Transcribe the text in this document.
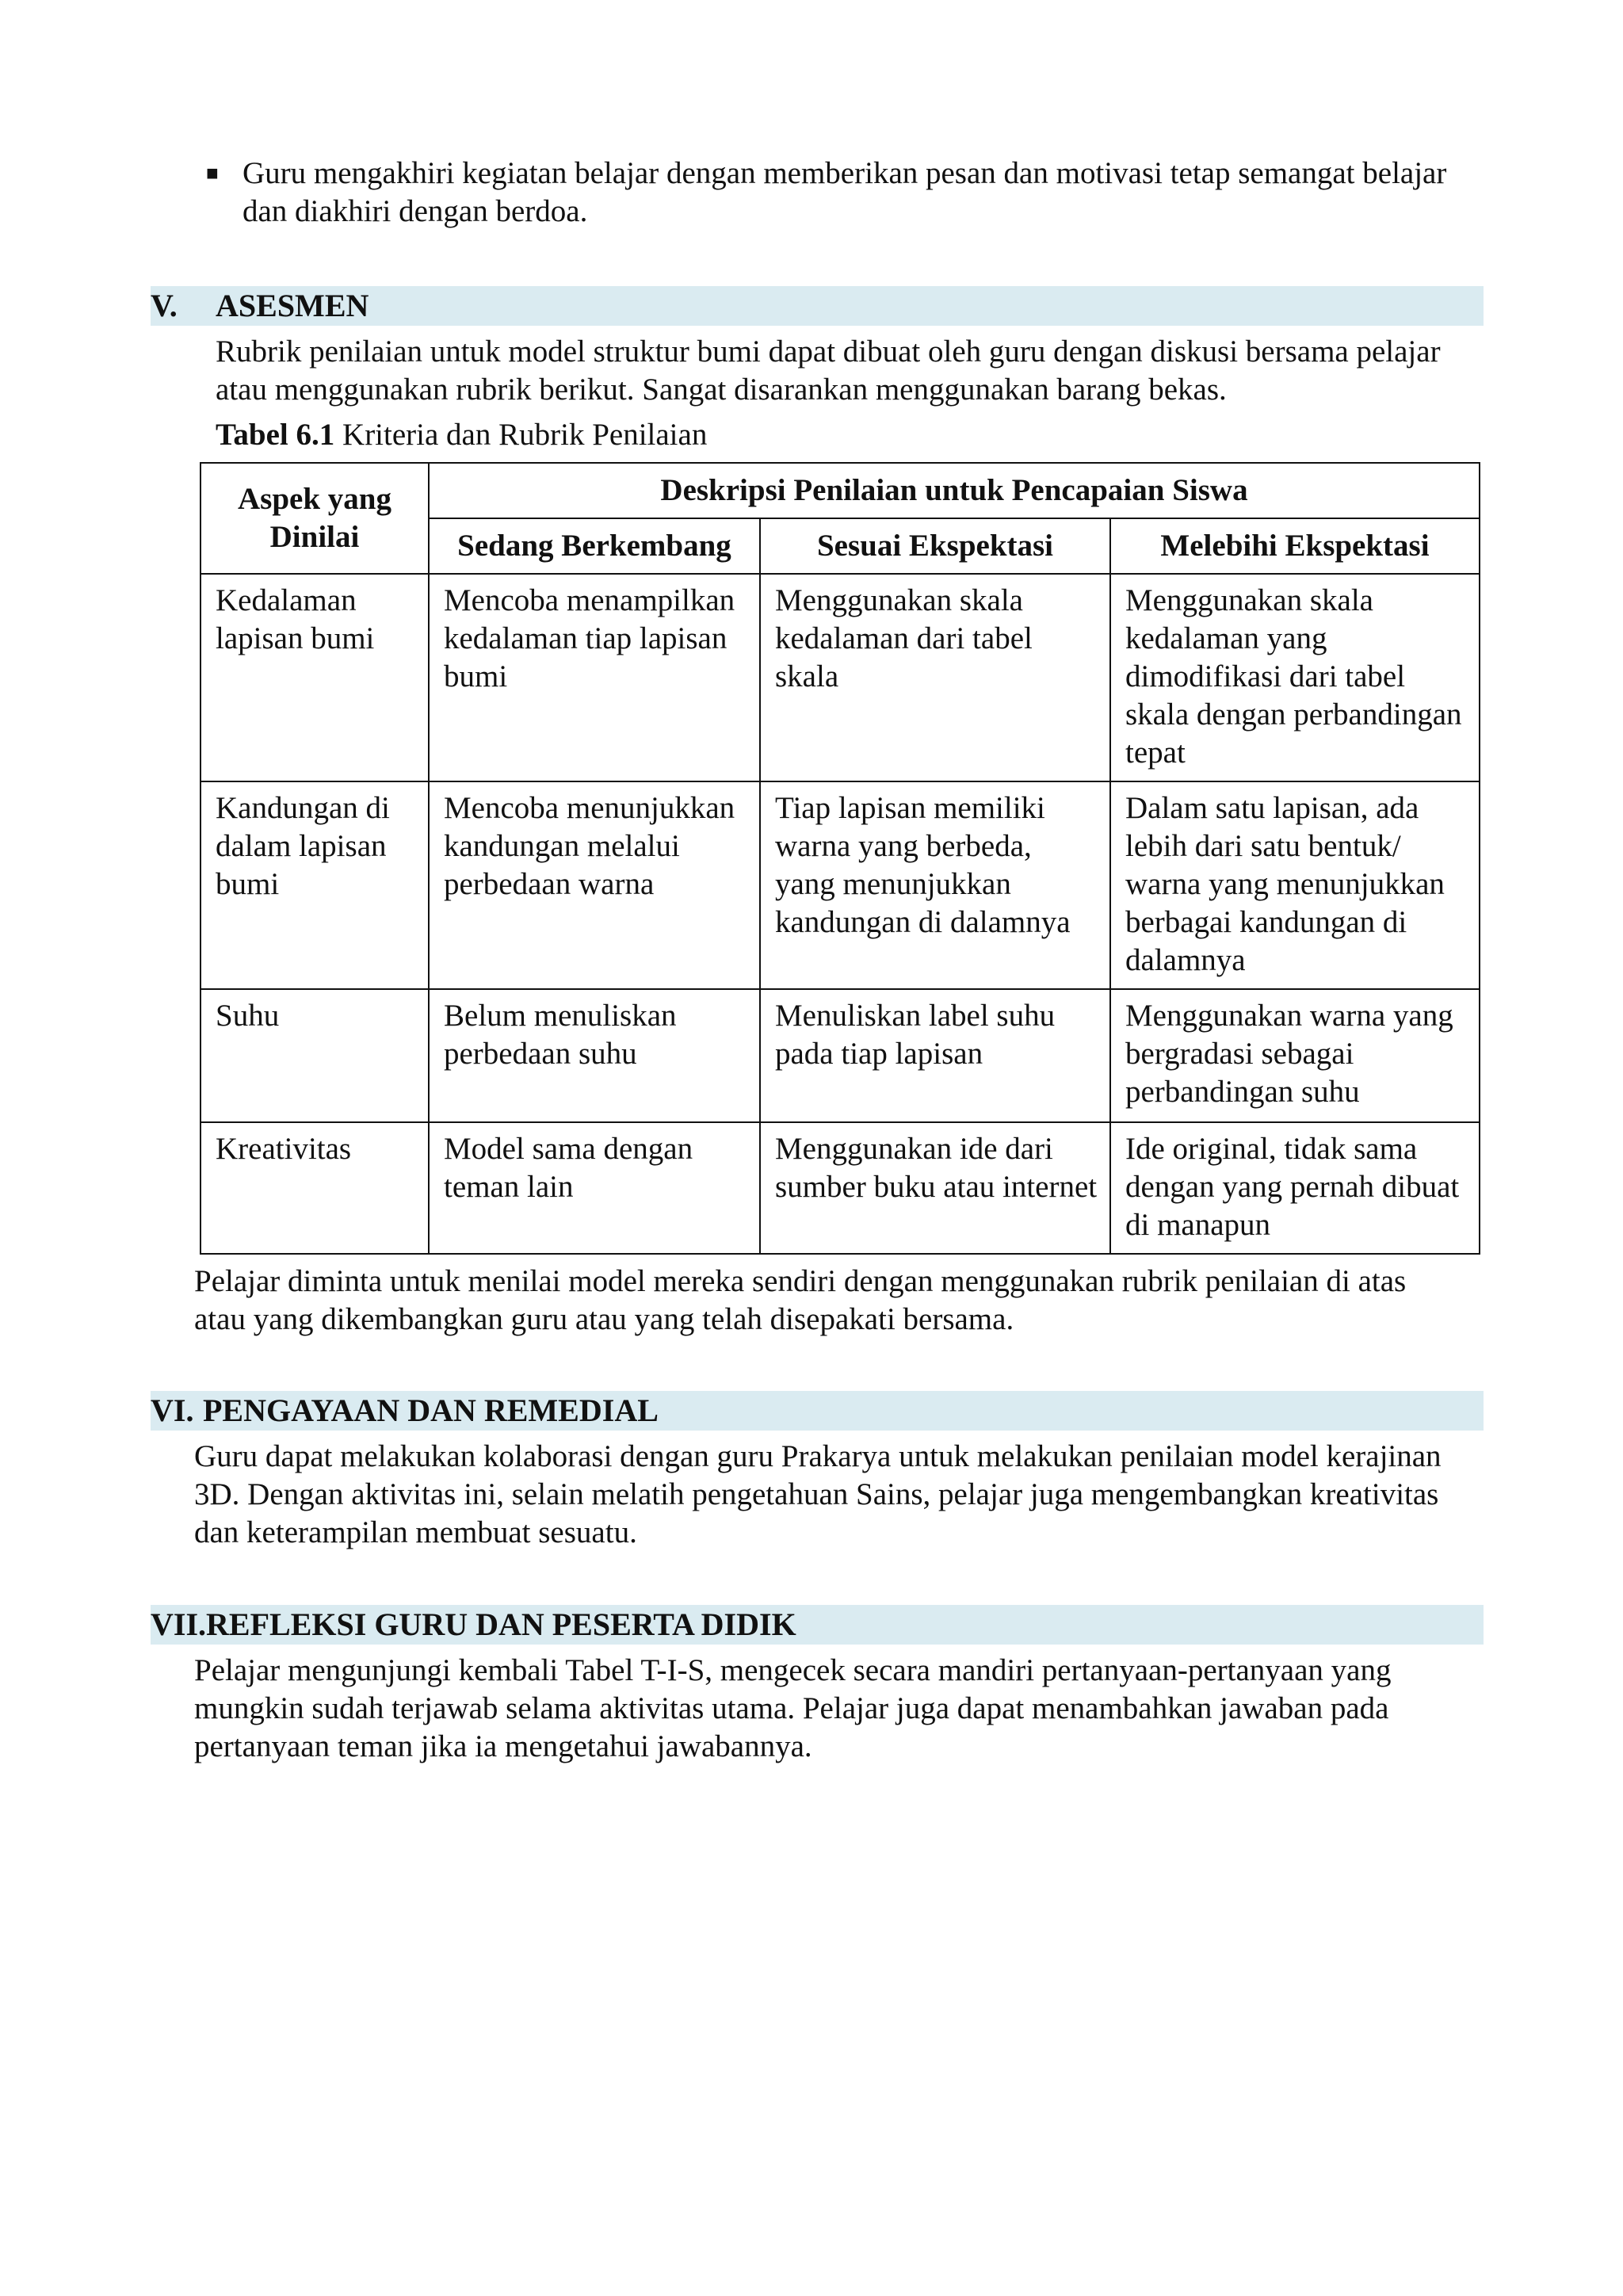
■ Guru mengakhiri kegiatan belajar dengan memberikan pesan dan motivasi tetap semangat belajar dan diakhiri dengan berdoa.
V.	ASESMEN
Rubrik penilaian untuk model struktur bumi dapat dibuat oleh guru dengan diskusi bersama pelajar atau menggunakan rubrik berikut. Sangat disarankan menggunakan barang bekas.
Tabel 6.1 Kriteria dan Rubrik Penilaian
Aspek yang Dinilai	Deskripsi Penilaian untuk Pencapaian Siswa		
	Sedang Berkembang	Sesuai Ekspektasi	Melebihi Ekspektasi
Kedalaman lapisan bumi	Mencoba menampilkan kedalaman tiap lapisan bumi	Menggunakan skala kedalaman dari tabel skala	Menggunakan skala kedalaman yang dimodifikasi dari tabel skala dengan perbandingan tepat
Kandungan di dalam lapisan bumi	Mencoba menunjukkan kandungan melalui perbedaan warna	Tiap lapisan memiliki warna yang berbeda, yang menunjukkan kandungan di dalamnya	Dalam satu lapisan, ada lebih dari satu bentuk/ warna yang menunjukkan berbagai kandungan di dalamnya
Suhu	Belum menuliskan perbedaan suhu	Menuliskan label suhu pada tiap lapisan	Menggunakan warna yang bergradasi sebagai perbandingan suhu
Kreativitas	Model sama dengan teman lain	Menggunakan ide dari sumber buku atau internet	Ide original, tidak sama dengan yang pernah dibuat di manapun
Pelajar diminta untuk menilai model mereka sendiri dengan menggunakan rubrik penilaian di atas atau yang dikembangkan guru atau yang telah disepakati bersama.
VI. PENGAYAAN DAN REMEDIAL
Guru dapat melakukan kolaborasi dengan guru Prakarya untuk melakukan penilaian model kerajinan 3D. Dengan aktivitas ini, selain melatih pengetahuan Sains, pelajar juga mengembangkan kreativitas dan keterampilan membuat sesuatu.
VII. REFLEKSI GURU DAN PESERTA DIDIK
Pelajar mengunjungi kembali Tabel T-I-S, mengecek secara mandiri pertanyaan-pertanyaan yang mungkin sudah terjawab selama aktivitas utama. Pelajar juga dapat menambahkan jawaban pada pertanyaan teman jika ia mengetahui jawabannya.
